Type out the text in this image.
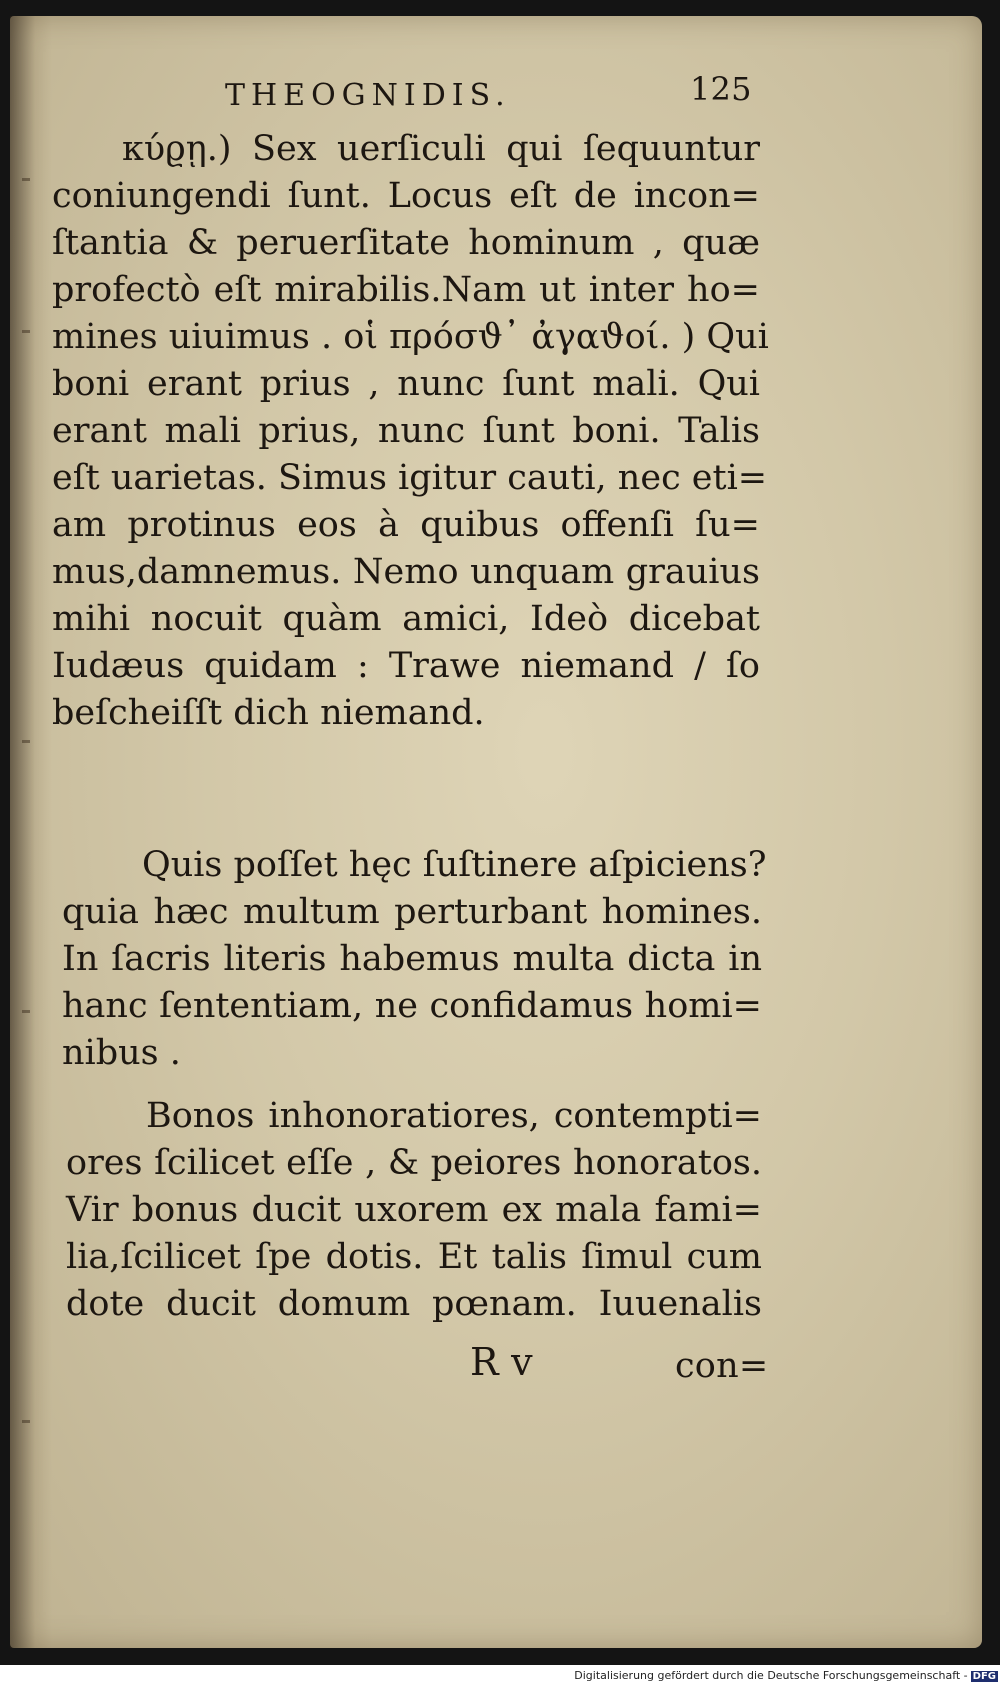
THEOGNIDIS.	125
κύϱῃ.) Sex uerſiculi qui ſequuntur
coniungendi ſunt. Locus eſt de incon=
ſtantia & peruerſitate hominum , quæ
profectò eſt mirabilis.Nam ut inter ho=
mines uiuimus . οἱ πρόσϑ᾽ ἀγαϑοί. ) Qui
boni erant prius , nunc ſunt mali. Qui
erant mali prius, nunc ſunt boni. Talis
eſt uarietas. Simus igitur cauti, nec eti=
am protinus eos à quibus offenſi ſu=
mus,damnemus. Nemo unquam grauius
mihi nocuit quàm amici, Ideò dicebat
Iudæus quidam : Trawe niemand / ſo
beſcheiſſt dich niemand.
Quis poſſet hęc ſuſtinere aſpiciens?
quia hæc multum perturbant homines.
In ſacris literis habemus multa dicta in
hanc ſententiam, ne confidamus homi=
nibus .
Bonos inhonoratiores, contempti=
ores ſcilicet eſſe , & peiores honoratos.
Vir bonus ducit uxorem ex mala fami=
lia,ſcilicet ſpe dotis. Et talis ſimul cum
dote ducit domum pœnam. Iuuenalis
R v	con=
Digitalisierung gefördert durch die Deutsche Forschungsgemeinschaft - DFG
